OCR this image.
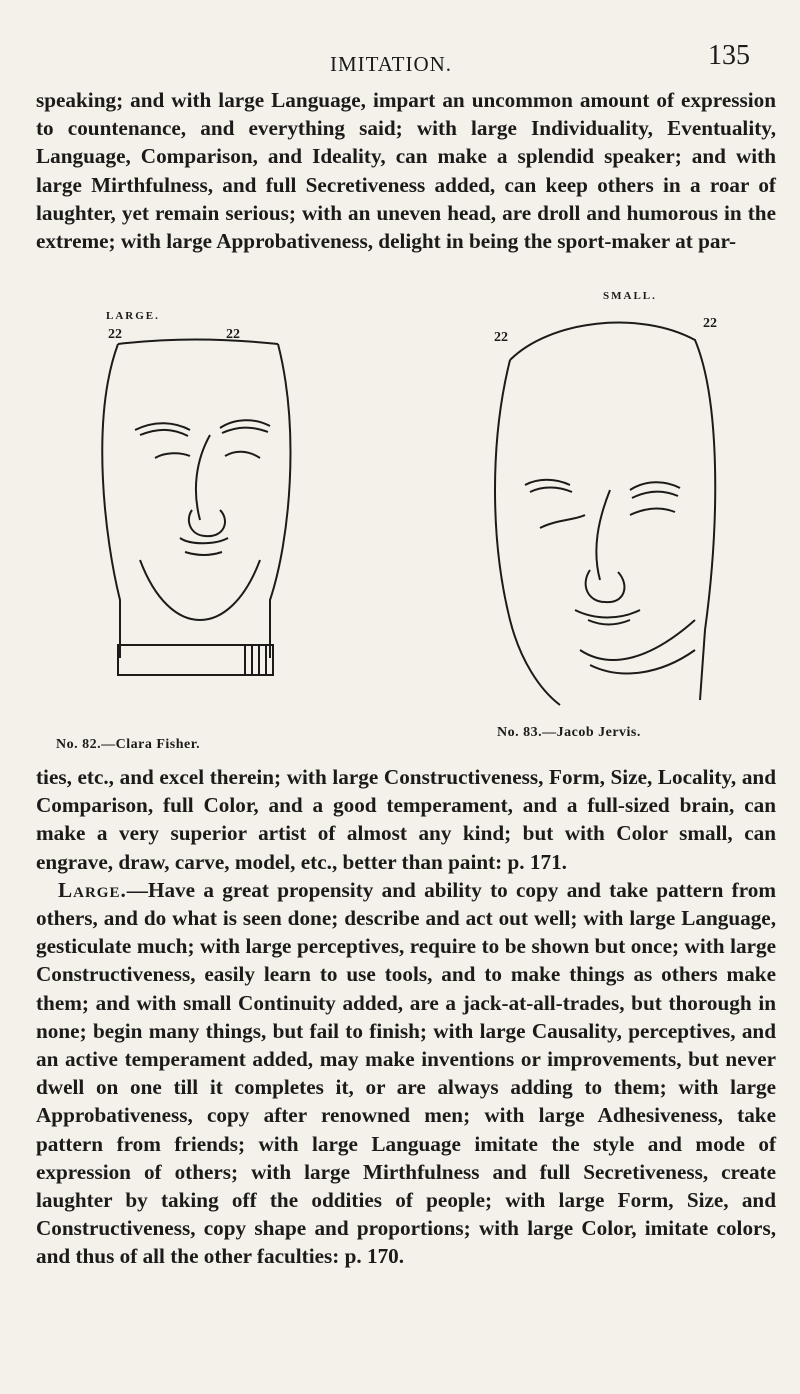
IMITATION.	135

speaking; and with large Language, impart an uncommon amount of expression to countenance, and everything said; with large Individuality, Eventuality, Language, Comparison, and Ideality, can make a splendid speaker; and with large Mirthfulness, and full Secretiveness added, can keep others in a roar of laughter, yet remain serious; with an uneven head, are droll and humorous in the extreme; with large Approbativeness, delight in being the sport-maker at par-

LARGE.
22	22
No. 82.—Clara Fisher.
SMALL.
22
22
No. 83.—Jacob Jervis.
ties, etc., and excel therein; with large Constructiveness, Form, Size, Locality, and Comparison, full Color, and a good temperament, and a full-sized brain, can make a very superior artist of almost any kind; but with Color small, can engrave, draw, carve, model, etc., better than paint: p. 171.
Large.—Have a great propensity and ability to copy and take pattern from others, and do what is seen done; describe and act out well; with large Language, gesticulate much; with large perceptives, require to be shown but once; with large Constructiveness, easily learn to use tools, and to make things as others make them; and with small Continuity added, are a jack-at-all-trades, but thorough in none; begin many things, but fail to finish; with large Causality, perceptives, and an active temperament added, may make inventions or improvements, but never dwell on one till it completes it, or are always adding to them; with large Approbativeness, copy after renowned men; with large Adhesiveness, take pattern from friends; with large Language imitate the style and mode of expression of others; with large Mirthfulness and full Secretiveness, create laughter by taking off the oddities of people; with large Form, Size, and Constructiveness, copy shape and proportions; with large Color, imitate colors, and thus of all the other faculties: p. 170.
